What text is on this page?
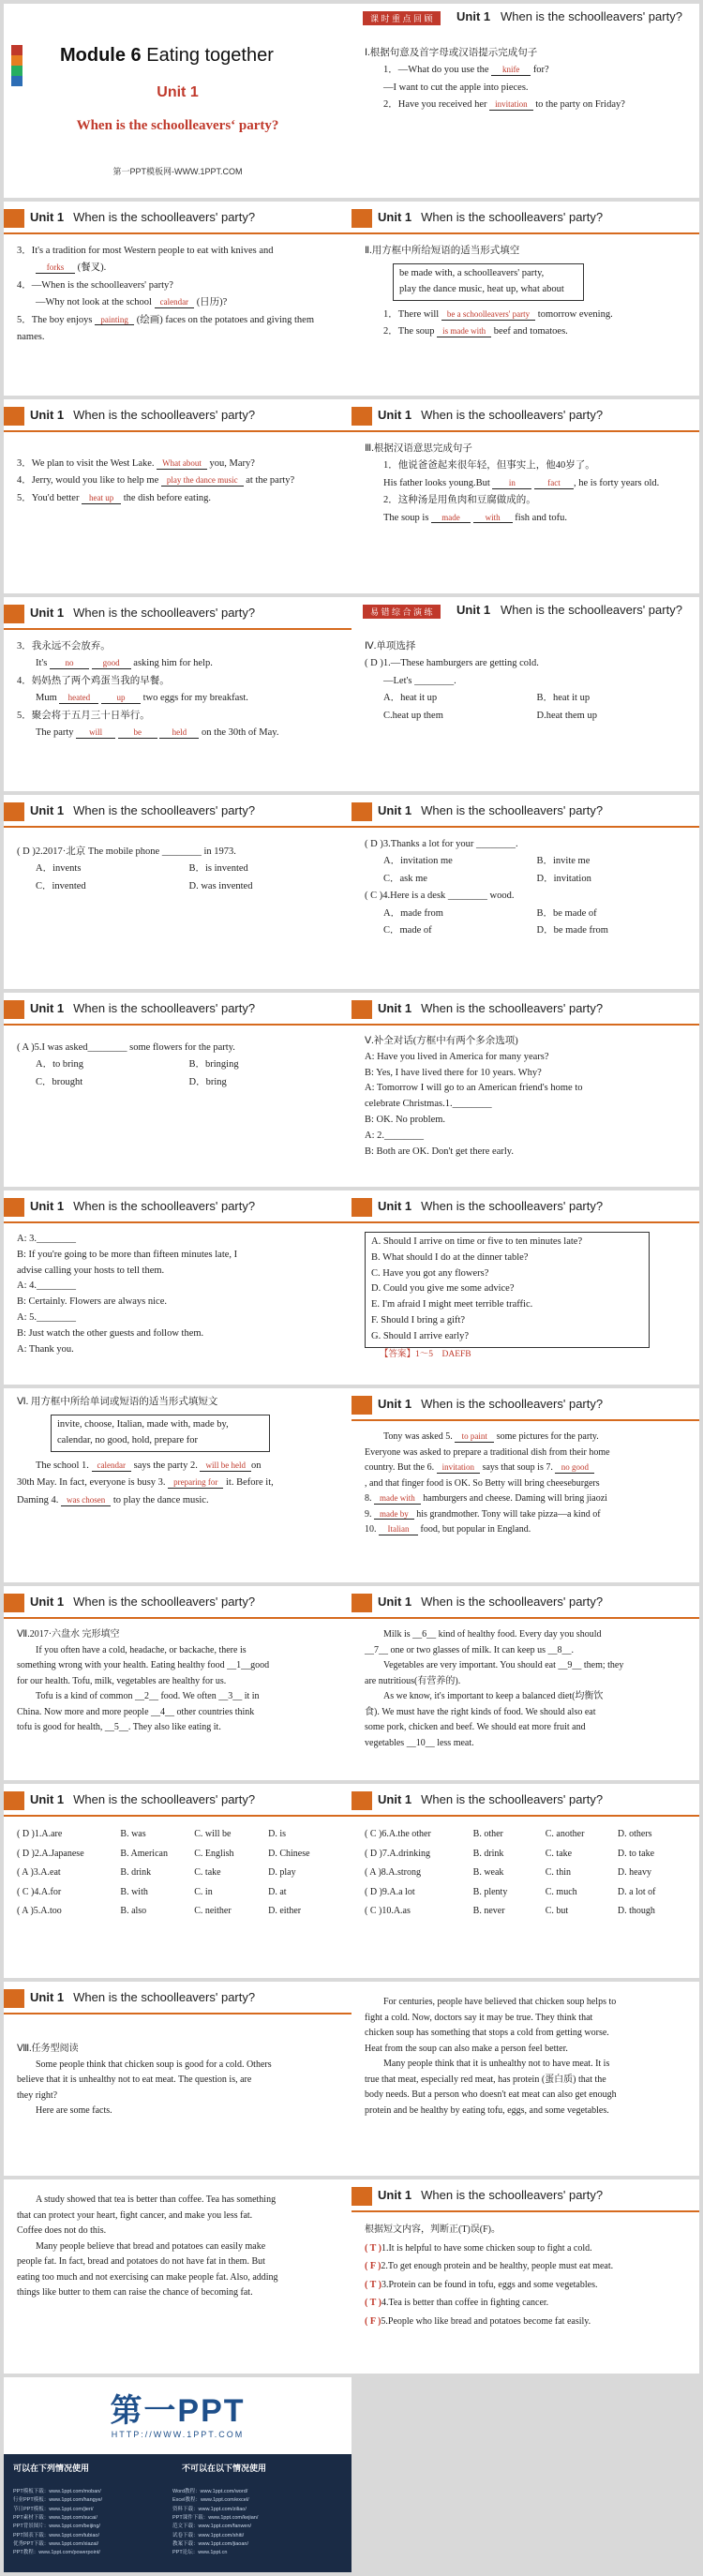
Module 6 Eating together
Unit 1
When is the schoolleavers‘ party?
第一PPT模板网-WWW.1PPT.COM
课 时 重 点 回 顾	Unit 1 When is the schoolleavers' party?

Ⅰ.根据句意及首字母或汉语提示完成句子

1．—What do you use the knife for?

—I want to cut the apple into pieces.

2．Have you received her invitation to the party on Friday?

Unit 1 When is the schoolleavers' party?

3．It's a tradition for most Western people to eat with knives and

forks (餐叉).

4．—When is the schoolleavers' party?

—Why not look at the school calendar (日历)?

5．The boy enjoys painting (绘画) faces on the potatoes and giving them names.

Unit 1 When is the schoolleavers' party?

Ⅱ.用方框中所给短语的适当形式填空

be made with, a schoolleavers' party,
play the dance music, heat up, what about

1．There will be a schoolleavers' party tomorrow evening.

2．The soup is made with beef and tomatoes.

Unit 1 When is the schoolleavers' party?

3．We plan to visit the West Lake. What about you, Mary?

4．Jerry, would you like to help me play the dance music at the party?

5．You'd better heat up the dish before eating.

Unit 1 When is the schoolleavers' party?

Ⅲ.根据汉语意思完成句子

1．他说爸爸起来很年轻，但事实上，他40岁了。

His father looks young.But in	fact , he is forty years old.

2．这种汤是用鱼肉和豆腐做成的。

The soup is made	with fish and tofu.

Unit 1 When is the schoolleavers' party?

3．我永远不会放弃。

It's no	good asking him for help.

4．妈妈热了两个鸡蛋当我的早餐。

Mum heated	up two eggs for my breakfast.

5．聚会将于五月三十日举行。

The party will	be	held on the 30th of May.

易 错 综 合 演 练	Unit 1 When is the schoolleavers' party?

Ⅳ.单项选择

( D )1.—These hamburgers are getting cold.

—Let's ________.

A．heat it up	B．heat it up
C.heat up them	D.heat them up
Unit 1 When is the schoolleavers' party?

( D )2.2017·北京 The mobile phone ________ in 1973.

A．invents	B．is invented
C．invented	D. was invented
Unit 1 When is the schoolleavers' party?

( D )3.Thanks a lot for your ________.

A．invitation me	B．invite me
C．ask me	D．invitation

( C )4.Here is a desk ________ wood.

A．made from	B．be made of
C．made of	D．be made from
Unit 1 When is the schoolleavers' party?

( A )5.I was asked________ some flowers for the party.

A．to bring	B．bringing
C．brought	D．bring
Unit 1 When is the schoolleavers' party?

Ⅴ.补全对话(方框中有两个多余选项)

A: Have you lived in America for many years?

B: Yes, I have lived there for 10 years. Why?

A: Tomorrow I will go to an American friend's home to

celebrate Christmas.1.________

B: OK. No problem.

A: 2.________

B: Both are OK. Don't get there early.

Unit 1 When is the schoolleavers' party?

A: 3.________

B: If you're going to be more than fifteen minutes late, I

advise calling your hosts to tell them.

A: 4.________

B: Certainly. Flowers are always nice.

A: 5.________

B: Just watch the other guests and follow them.

A: Thank you.

Unit 1 When is the schoolleavers' party?

A. Should I arrive on time or five to ten minutes late?

B. What should I do at the dinner table?

C. Have you got any flowers?

D. Could you give me some advice?

E. I'm afraid I might meet terrible traffic.

F. Should I bring a gift?

G. Should I arrive early?

【答案】1～5　DAEFB

Ⅵ. 用方框中所给单词或短语的适当形式填短文

invite, choose, Italian, made with, made by,
calendar, no good, hold, prepare for

The school 1. calendar says the party 2. will be held on

30th May. In fact, everyone is busy 3. preparing for it. Before it,

Daming 4. was chosen to play the dance music.

Unit 1 When is the schoolleavers' party?

Tony was asked 5. to paint some pictures for the party.

Everyone was asked to prepare a traditional dish from their home

country. But the 6. invitation says that soup is 7. no good

, and that finger food is OK. So Betty will bring cheeseburgers

8. made with hamburgers and cheese. Daming will bring jiaozi

9. made by his grandmother. Tony will take pizza—a kind of

10. Italian food, but popular in England.

Unit 1 When is the schoolleavers' party?

Ⅶ.2017·六盘水 完形填空

If you often have a cold, headache, or backache, there is

something wrong with your health. Eating healthy food __1__good

for our health. Tofu, milk, vegetables are healthy for us.

Tofu is a kind of common __2__ food. We often __3__ it in

China. Now more and more people __4__ other countries think

tofu is good for health, __5__. They also like eating it.

Unit 1 When is the schoolleavers' party?

Milk is __6__ kind of healthy food. Every day you should

__7__ one or two glasses of milk. It can keep us __8__.

Vegetables are very important. You should eat __9__ them; they

are nutritious(有营养的).

As we know, it's important to keep a balanced diet(均衡饮

食). We must have the right kinds of food. We should also eat

some pork, chicken and beef. We should eat more fruit and

vegetables __10__ less meat.

Unit 1 When is the schoolleavers' party?
( D )1.A.are	B. was	C. will be	D. is
( D )2.A.Japanese	B. American	C. English	D. Chinese
( A )3.A.eat	B. drink	C. take	D. play
( C )4.A.for	B. with	C. in	D. at
( A )5.A.too	B. also	C. neither	D. either
Unit 1 When is the schoolleavers' party?
( C )6.A.the other	B. other	C. another	D. others
( D )7.A.drinking	B. drink	C. take	D. to take
( A )8.A.strong	B. weak	C. thin	D. heavy
( D )9.A.a lot	B. plenty	C. much	D. a lot of
( C )10.A.as	B. never	C. but	D. though
Unit 1 When is the schoolleavers' party?

Ⅷ.任务型阅读

Some people think that chicken soup is good for a cold. Others

believe that it is unhealthy not to eat meat. The question is, are

they right?

Here are some facts.

For centuries, people have believed that chicken soup helps to

fight a cold. Now, doctors say it may be true. They think that

chicken soup has something that stops a cold from getting worse.

Heat from the soup can also make a person feel better.

Many people think that it is unhealthy not to have meat. It is

true that meat, especially red meat, has protein (蛋白质) that the

body needs. But a person who doesn't eat meat can also get enough

protein and be healthy by eating tofu, eggs, and some vegetables.

A study showed that tea is better than coffee. Tea has something

that can protect your heart, fight cancer, and make you less fat.

Coffee does not do this.

Many people believe that bread and potatoes can easily make

people fat. In fact, bread and potatoes do not have fat in them. But

eating too much and not exercising can make people fat. Also, adding

things like butter to them can raise the chance of becoming fat.

Unit 1 When is the schoolleavers' party?

根据短文内容，判断正(T)误(F)。

( T )1.It is helpful to have some chicken soup to fight a cold.

( F )2.To get enough protein and be healthy, people must eat meat.

( T )3.Protein can be found in tofu, eggs and some vegetables.

( T )4.Tea is better than coffee in fighting cancer.

( F )5.People who like bread and potatoes become fat easily.

第一PPT
HTTP://WWW.1PPT.COM
可以在下列情况使用	不可以在以下情况使用
PPT模板下载：www.1ppt.com/moban/	Word教程：www.1ppt.com/word/
行业PPT模板：www.1ppt.com/hangye/	Excel教程：www.1ppt.com/excel/
节日PPT模板：www.1ppt.com/jieri/	资料下载：www.1ppt.com/ziliao/
PPT素材下载：www.1ppt.com/sucai/	PPT课件下载：www.1ppt.com/kejian/
PPT背景图片：www.1ppt.com/beijing/	范文下载：www.1ppt.com/fanwen/
PPT图表下载：www.1ppt.com/tubiao/	试卷下载：www.1ppt.com/shiti/
优秀PPT下载：www.1ppt.com/xiazai/	教案下载：www.1ppt.com/jiaoan/
PPT教程：www.1ppt.com/powerpoint/	PPT论坛：www.1ppt.cn
